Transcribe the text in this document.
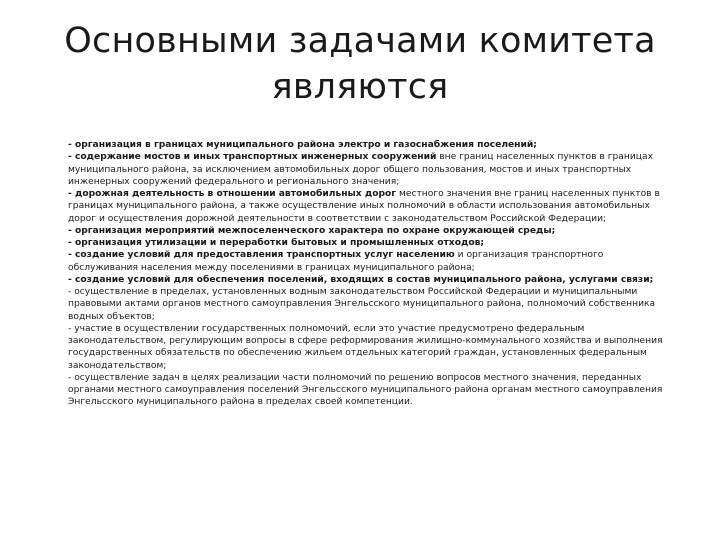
Основными задачами комитета
являются

- организация в границах муниципального района электро и газоснабжения поселений;

- содержание мостов и иных транспортных инженерных сооружений вне границ населенных пунктов в границах муниципального района, за исключением автомобильных дорог общего пользования, мостов и иных транспортных инженерных сооружений федерального и регионального значения;

- дорожная деятельность в отношении автомобильных дорог местного значения вне границ населенных пунктов в границах муниципального района, а также осуществление иных полномочий в области использования автомобильных дорог и осуществления дорожной деятельности в соответствии с законодательством Российской Федерации;

- организация мероприятий межпоселенческого характера по охране окружающей среды;

- организация утилизации и переработки бытовых и промышленных отходов;

- создание условий для предоставления транспортных услуг населению и организация транспортного обслуживания населения между поселениями в границах муниципального района;

- создание условий для обеспечения поселений, входящих в состав муниципального района, услугами связи;

- осуществление в пределах, установленных водным законодательством Российской Федерации и муниципальными правовыми актами органов местного самоуправления Энгельсского муниципального района, полномочий собственника водных объектов;

- участие в осуществлении государственных полномочий, если это участие предусмотрено федеральным законодательством, регулирующим вопросы в сфере реформирования жилищно-коммунального хозяйства и выполнения государственных обязательств по обеспечению жильем отдельных категорий граждан, установленных федеральным законодательством;

- осуществление задач в целях реализации части полномочий по решению вопросов местного значения, переданных органами местного самоуправления поселений Энгельсского муниципального района органам местного самоуправления Энгельсского муниципального района в пределах своей компетенции.
